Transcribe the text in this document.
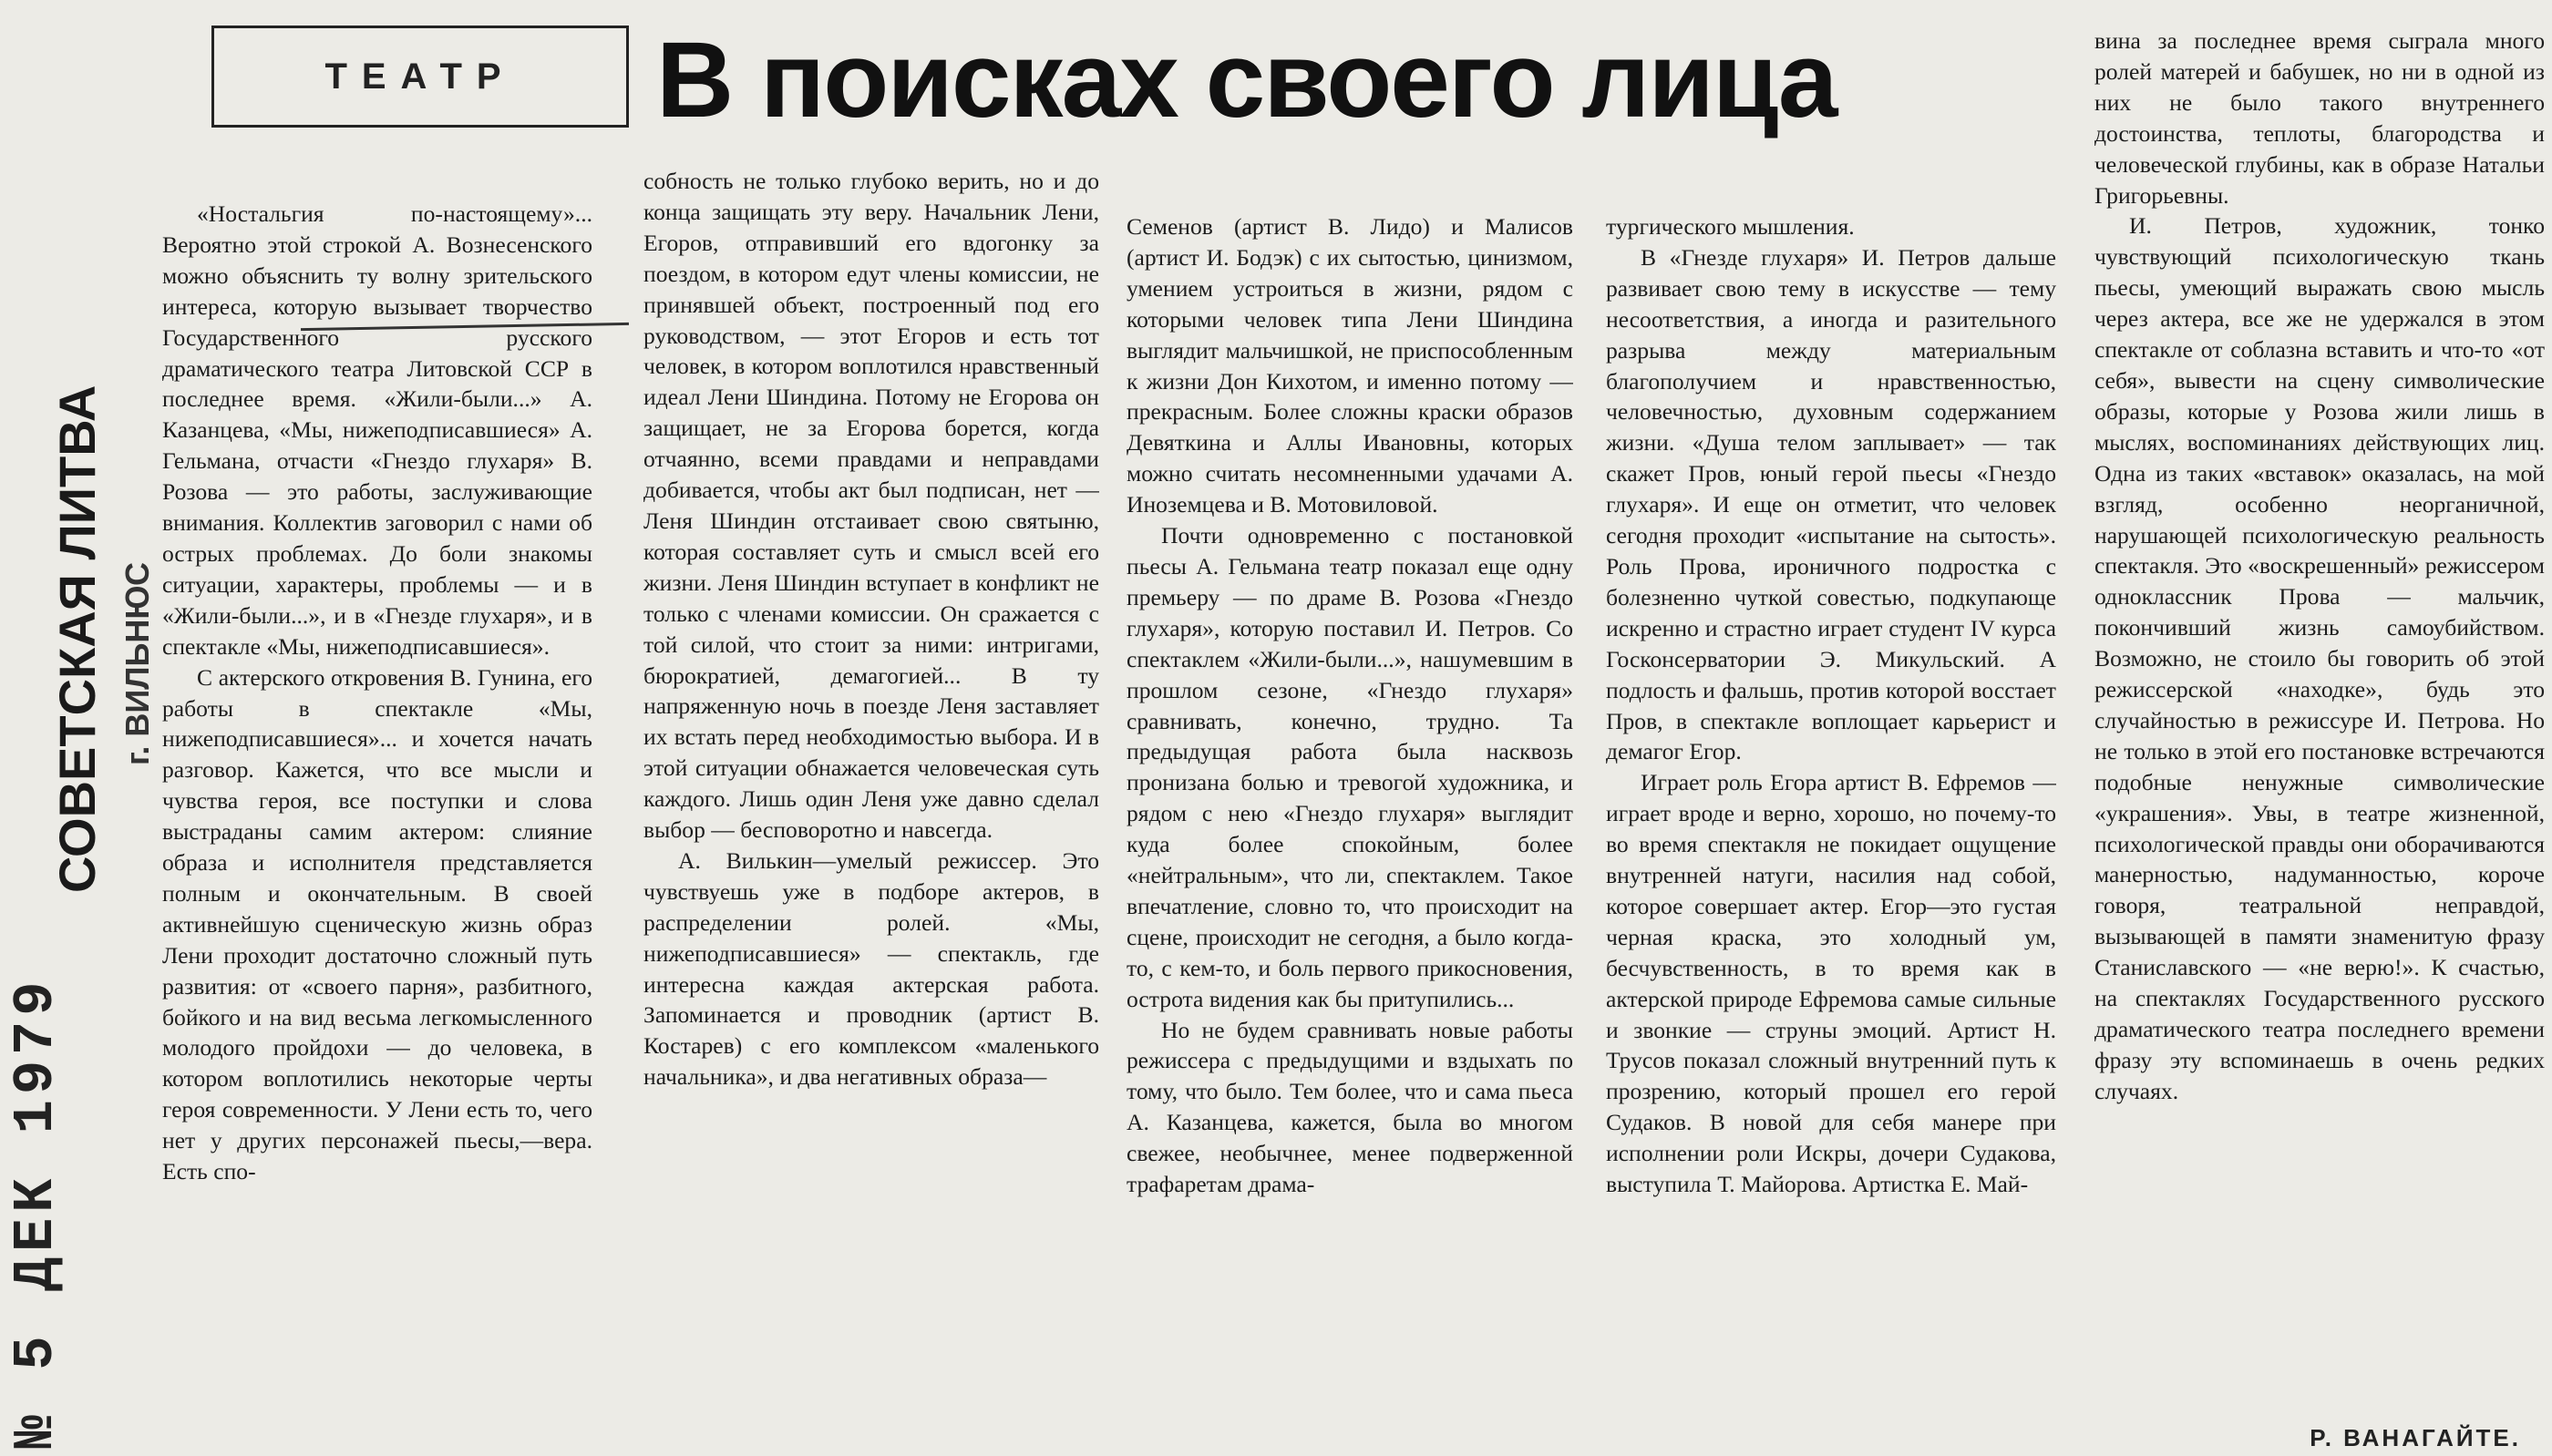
№ 5 ДЕК 1979
СОВЕТСКАЯ ЛИТВА г. ВИЛЬНЮС
ТЕАТР	В поисках своего лица

«Ностальгия по-настоящему»... Вероятно этой строкой А. Вознесенского можно объяснить ту волну зрительского интереса, которую вызывает творчество Государственного русского драматического театра Литовской ССР в последнее время. «Жили-были...» А. Казанцева, «Мы, нижеподписавшиеся» А. Гельмана, отчасти «Гнездо глухаря» В. Розова — это работы, заслуживающие внимания. Коллектив заговорил с нами об острых проблемах. До боли знакомы ситуации, характеры, проблемы — и в «Жили-были...», и в «Гнезде глухаря», и в спектакле «Мы, нижеподписавшиеся».

С актерского откровения В. Гунина, его работы в спектакле «Мы, нижеподписавшиеся»... и хочется начать разговор. Кажется, что все мысли и чувства героя, все поступки и слова выстраданы самим актером: слияние образа и исполнителя представляется полным и окончательным. В своей активнейшую сценическую жизнь образ Лени проходит достаточно сложный путь развития: от «своего парня», разбитного, бойкого и на вид весьма легкомысленного молодого пройдохи — до человека, в котором воплотились некоторые черты героя современности. У Лени есть то, чего нет у других персонажей пьесы,—вера. Есть спо-

собность не только глубоко верить, но и до конца защищать эту веру. Начальник Лени, Егоров, отправивший его вдогонку за поездом, в котором едут члены комиссии, не принявшей объект, построенный под его руководством, — этот Егоров и есть тот человек, в котором воплотился нравственный идеал Лени Шиндина. Потому не Егорова он защищает, не за Егорова борется, когда отчаянно, всеми правдами и неправдами добивается, чтобы акт был подписан, нет — Леня Шиндин отстаивает свою святыню, которая составляет суть и смысл всей его жизни. Леня Шиндин вступает в конфликт не только с членами комиссии. Он сражается с той силой, что стоит за ними: интригами, бюрократией, демагогией... В ту напряженную ночь в поезде Леня заставляет их встать перед необходимостью выбора. И в этой ситуации обнажается человеческая суть каждого. Лишь один Леня уже давно сделал выбор — бесповоротно и навсегда.

А. Вилькин—умелый режиссер. Это чувствуешь уже в подборе актеров, в распределении ролей. «Мы, нижеподписавшиеся» — спектакль, где интересна каждая актерская работа. Запоминается и проводник (артист В. Костарев) с его комплексом «маленького начальника», и два негативных образа—

Семенов (артист В. Лидо) и Малисов (артист И. Бодэк) с их сытостью, цинизмом, умением устроиться в жизни, рядом с которыми человек типа Лени Шиндина выглядит мальчишкой, не приспособленным к жизни Дон Кихотом, и именно потому — прекрасным. Более сложны краски образов Девяткина и Аллы Ивановны, которых можно считать несомненными удачами А. Иноземцева и В. Мотовиловой.

Почти одновременно с постановкой пьесы А. Гельмана театр показал еще одну премьеру — по драме В. Розова «Гнездо глухаря», которую поставил И. Петров. Со спектаклем «Жили-были...», нашумевшим в прошлом сезоне, «Гнездо глухаря» сравнивать, конечно, трудно. Та предыдущая работа была насквозь пронизана болью и тревогой художника, и рядом с нею «Гнездо глухаря» выглядит куда более спокойным, более «нейтральным», что ли, спектаклем. Такое впечатление, словно то, что происходит на сцене, происходит не сегодня, а было когда-то, с кем-то, и боль первого прикосновения, острота видения как бы притупились...

Но не будем сравнивать новые работы режиссера с предыдущими и вздыхать по тому, что было. Тем более, что и сама пьеса А. Казанцева, кажется, была во многом свежее, необычнее, менее подверженной трафаретам драма-

тургического мышления.

В «Гнезде глухаря» И. Петров дальше развивает свою тему в искусстве — тему несоответствия, а иногда и разительного разрыва между материальным благополучием и нравственностью, человечностью, духовным содержанием жизни. «Душа телом заплывает» — так скажет Пров, юный герой пьесы «Гнездо глухаря». И еще он отметит, что человек сегодня проходит «испытание на сытость». Роль Прова, ироничного подростка с болезненно чуткой совестью, подкупающе искренно и страстно играет студент IV курса Госконсерватории Э. Микульский. А подлость и фальшь, против которой восстает Пров, в спектакле воплощает карьерист и демагог Егор.

Играет роль Егора артист В. Ефремов — играет вроде и верно, хорошо, но почему-то во время спектакля не покидает ощущение внутренней натуги, насилия над собой, которое совершает актер. Егор—это густая черная краска, это холодный ум, бесчувственность, в то время как в актерской природе Ефремова самые сильные и звонкие — струны эмоций. Артист Н. Трусов показал сложный внутренний путь к прозрению, который прошел его герой Судаков. В новой для себя манере при исполнении роли Искры, дочери Судакова, выступила Т. Майорова. Артистка Е. Май-

вина за последнее время сыграла много ролей матерей и бабушек, но ни в одной из них не было такого внутреннего достоинства, теплоты, благородства и человеческой глубины, как в образе Натальи Григорьевны.

И. Петров, художник, тонко чувствующий психологическую ткань пьесы, умеющий выражать свою мысль через актера, все же не удержался в этом спектакле от соблазна вставить и что-то «от себя», вывести на сцену символические образы, которые у Розова жили лишь в мыслях, воспоминаниях действующих лиц. Одна из таких «вставок» оказалась, на мой взгляд, особенно неорганичной, нарушающей психологическую реальность спектакля. Это «воскрешенный» режиссером одноклассник Прова — мальчик, покончивший жизнь самоубийством. Возможно, не стоило бы говорить об этой режиссерской «находке», будь это случайностью в режиссуре И. Петрова. Но не только в этой его постановке встречаются подобные ненужные символические «украшения». Увы, в театре жизненной, психологической правды они оборачиваются манерностью, надуманностью, короче говоря, театральной неправдой, вызывающей в памяти знаменитую фразу Станиславского — «не верю!». К счастью, на спектаклях Государственного русского драматического театра последнего времени фразу эту вспоминаешь в очень редких случаях.

Р. ВАНАГАЙТЕ.
